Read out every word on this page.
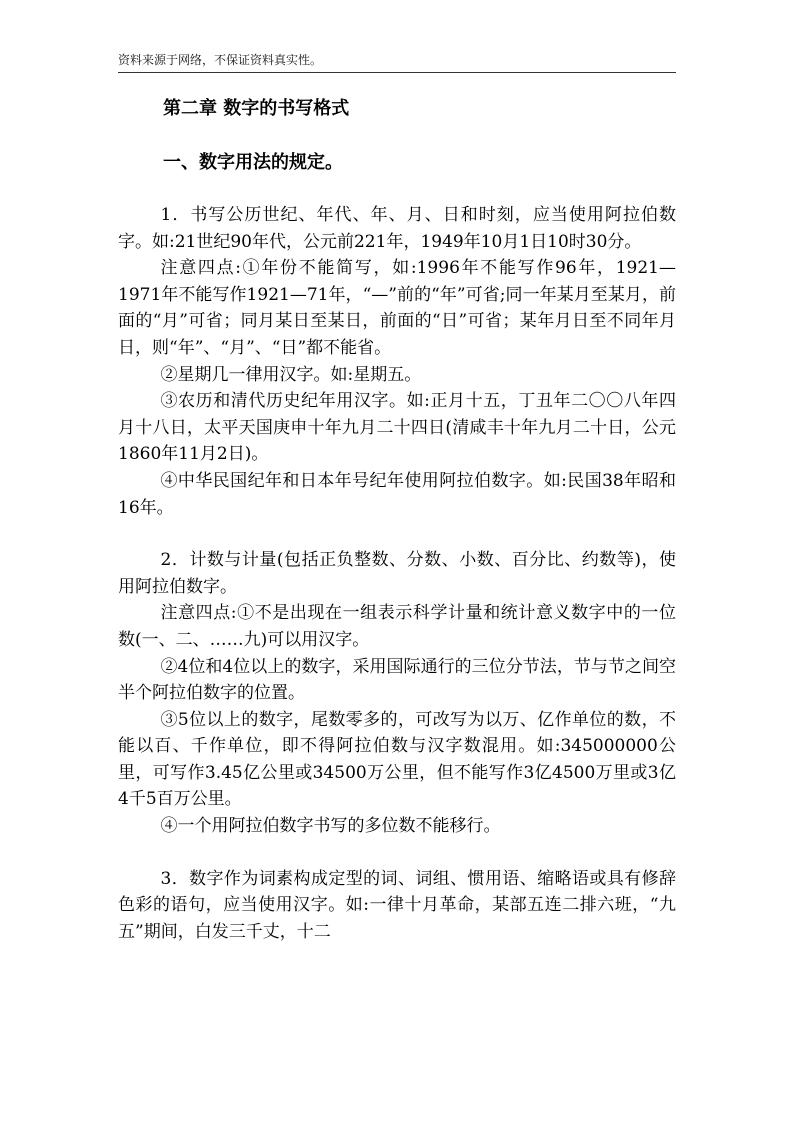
资料来源于网络，不保证资料真实性。
第二章 数字的书写格式
一、数字用法的规定。

1．书写公历世纪、年代、年、月、日和时刻，应当使用阿拉伯数字。如:21世纪90年代，公元前221年，1949年10月1日10时30分。

注意四点:①年份不能简写，如:1996年不能写作96年，1921—1971年不能写作1921—71年，“—”前的“年”可省;同一年某月至某月，前面的“月”可省；同月某日至某日，前面的“日”可省；某年月日至不同年月日，则“年”、“月”、“日”都不能省。

②星期几一律用汉字。如:星期五。

③农历和清代历史纪年用汉字。如:正月十五，丁丑年二〇〇八年四月十八日，太平天国庚申十年九月二十四日(清咸丰十年九月二十日，公元1860年11月2日)。

④中华民国纪年和日本年号纪年使用阿拉伯数字。如:民国38年昭和16年。

2．计数与计量(包括正负整数、分数、小数、百分比、约数等)，使用阿拉伯数字。

注意四点:①不是出现在一组表示科学计量和统计意义数字中的一位数(一、二、……九)可以用汉字。

②4位和4位以上的数字，采用国际通行的三位分节法，节与节之间空半个阿拉伯数字的位置。

③5位以上的数字，尾数零多的，可改写为以万、亿作单位的数，不能以百、千作单位，即不得阿拉伯数与汉字数混用。如:345000000公里，可写作3.45亿公里或34500万公里，但不能写作3亿4500万里或3亿4千5百万公里。

④一个用阿拉伯数字书写的多位数不能移行。

3．数字作为词素构成定型的词、词组、惯用语、缩略语或具有修辞色彩的语句，应当使用汉字。如:一律十月革命，某部五连二排六班，“九五”期间，白发三千丈，十二
